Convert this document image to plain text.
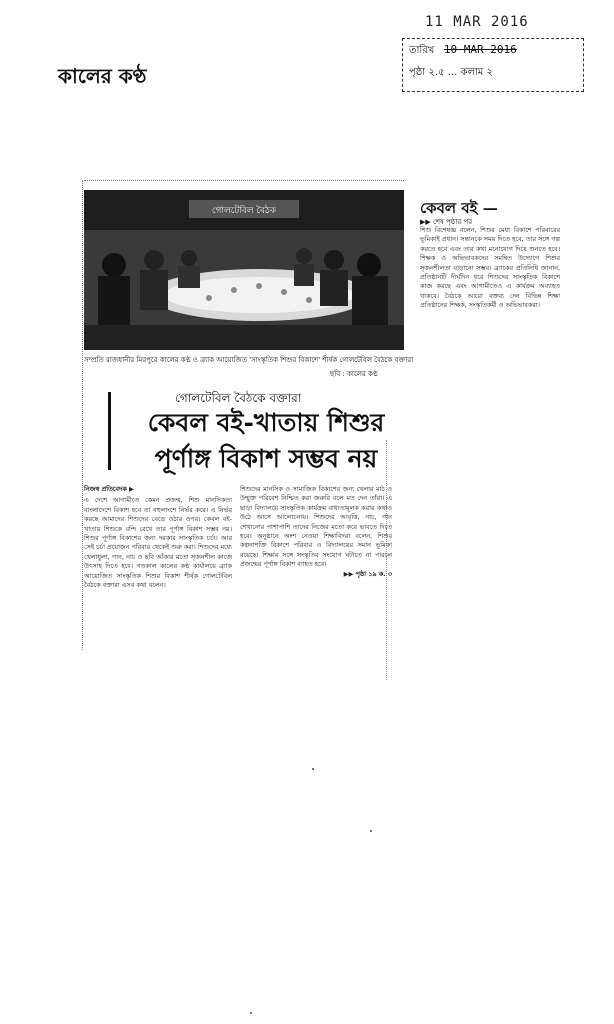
11 MAR 2016
তারিখ 10 MAR 2016
পৃষ্ঠা ২.৫ ... কলাম ২
কালের কণ্ঠ
গোলটেবিল বৈঠক
সম্প্রতি রাজধানীর মিরপুরে কালের কণ্ঠ ও ব্র্যাক আয়োজিত 'সাংস্কৃতিক শিশুর বিকাশে' শীর্ষক গোলটেবিল বৈঠকে বক্তারা
ছবি : কালের কণ্ঠ
গোলটেবিল বৈঠকে বক্তারা
কেবল বই-খাতায় শিশুর
পূর্ণাঙ্গ বিকাশ সম্ভব নয়
নিজস্ব প্রতিবেদক ▶
এ দেশে আগামীতে কেমন প্রজন্ম, শিশু মানসিকতা বাংলাদেশে বিকাশ হবে তা বহুলাংশে নির্ভর করে। এ নির্ভর করছে আমাদের শিশুদের বেড়ে ওঠার ওপর। কেবল বই-খাতায় শিশুকে বন্দি রেখে তার পূর্ণাঙ্গ বিকাশ সম্ভব নয়। শিশুর পূর্ণাঙ্গ বিকাশের জন্য দরকার সাংস্কৃতিক চর্চা। আর সেই চর্চা প্রয়োজন পরিবার থেকেই শুরু করা। শিশুদের মধ্যে খেলাধুলা, গান, নাচ ও ছবি আঁকার মতো সৃজনশীল কাজে উৎসাহ দিতে হবে। গতকাল কালের কণ্ঠ কার্যালয়ে ব্র্যাক আয়োজিত সাংস্কৃতিক শিশুর বিকাশ শীর্ষক গোলটেবিল বৈঠকে বক্তারা এসব কথা বলেন।
শিশুদের মানসিক ও সামাজিক বিকাশের জন্য খেলার মাঠ ও উন্মুক্ত পরিবেশ নিশ্চিত করা জরুরি বলে মত দেন তাঁরা। এ ছাড়া বিদ্যালয়ে সাংস্কৃতিক কার্যক্রম বাধ্যতামূলক করার কথাও উঠে আসে আলোচনায়। শিশুদের আবৃত্তি, নাচ, গান শেখানোর পাশাপাশি তাদের নিজের মতো করে ভাবতে দিতে হবে। অনুষ্ঠানে অংশ নেওয়া শিক্ষাবিদরা বলেন, শিশুর কল্পনাশক্তি বিকাশে পরিবার ও বিদ্যালয়ের সমান ভূমিকা রয়েছে। শিক্ষার সঙ্গে সংস্কৃতির সংযোগ ঘটাতে না পারলে প্রজন্মের পূর্ণাঙ্গ বিকাশ ব্যাহত হবে।
▶▶ পৃষ্ঠা ১৯ ক. ৩
কেবল বই —
▶▶ শেষ পৃষ্ঠার পর
শিশু বিশেষজ্ঞ বলেন, শিশুর মেধা বিকাশে পরিবারের ভূমিকাই প্রধান। সন্তানকে সময় দিতে হবে, তার সঙ্গে গল্প করতে হবে এবং তার কথা মনোযোগ দিয়ে শুনতে হবে। শিক্ষক ও অভিভাবকদের সমন্বিত উদ্যোগে শিশুর সৃজনশীলতা বাড়ানো সম্ভব। ব্র্যাকের প্রতিনিধি জানান, প্রতিষ্ঠানটি দীর্ঘদিন ধরে শিশুদের সাংস্কৃতিক বিকাশে কাজ করছে এবং আগামীতেও এ কার্যক্রম অব্যাহত থাকবে। বৈঠকে আরো বক্তব্য দেন বিভিন্ন শিক্ষা প্রতিষ্ঠানের শিক্ষক, সংস্কৃতিকর্মী ও অভিভাবকরা।
